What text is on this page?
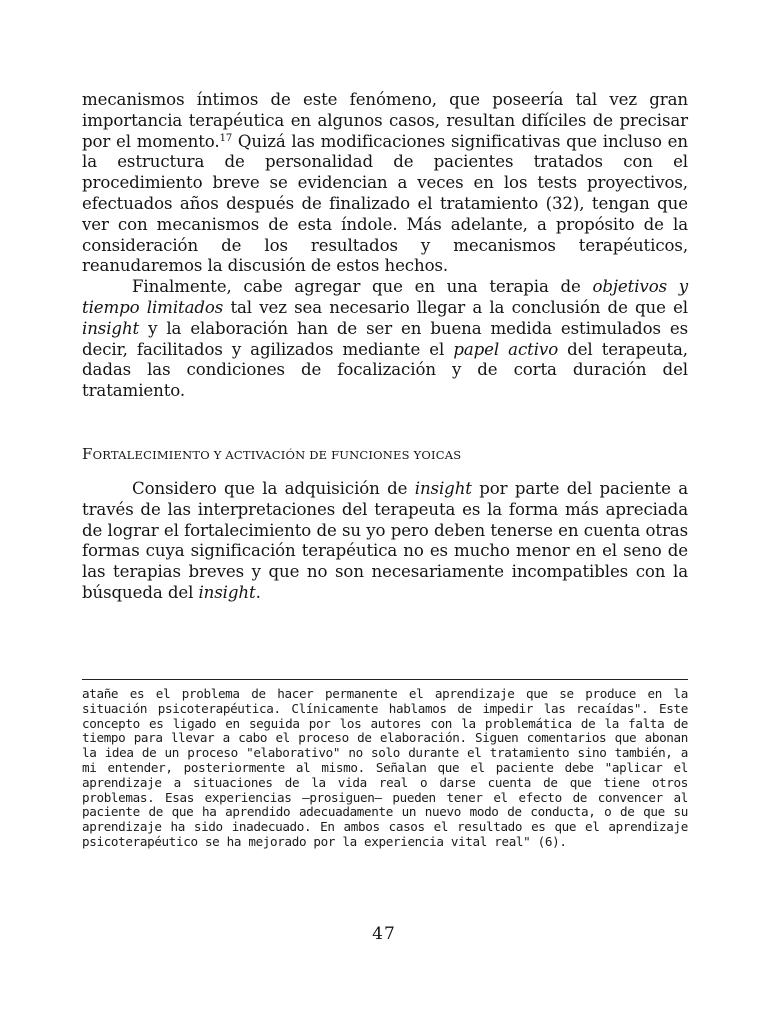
mecanismos íntimos de este fenómeno, que poseería tal vez gran importancia terapéutica en algunos casos, resultan difíciles de precisar por el momento.$^{17}$ Quizá las modificaciones significativas que incluso en la estructura de personalidad de pacientes tratados con el procedimiento breve se evidencian a veces en los tests proyectivos, efectuados años después de finalizado el tratamiento (32), tengan que ver con mecanismos de esta índole. Más adelante, a propósito de la consideración de los resultados y mecanismos terapéuticos, reanudaremos la discusión de estos hechos.

Finalmente, cabe agregar que en una terapia de objetivos y tiempo limitados tal vez sea necesario llegar a la conclusión de que el insight y la elaboración han de ser en buena medida estimulados es decir, facilitados y agilizados mediante el papel activo del terapeuta, dadas las condiciones de focalización y de corta duración del tratamiento.

FORTALECIMIENTO Y ACTIVACIÓN DE FUNCIONES YOICAS

Considero que la adquisición de insight por parte del paciente a través de las interpretaciones del terapeuta es la forma más apreciada de lograr el fortalecimiento de su yo pero deben tenerse en cuenta otras formas cuya significación terapéutica no es mucho menor en el seno de las terapias breves y que no son necesariamente incompatibles con la búsqueda del insight.

atañe es el problema de hacer permanente el aprendizaje que se produce en la situación psicoterapéutica. Clínicamente hablamos de impedir las recaídas". Este concepto es ligado en seguida por los autores con la problemática de la falta de tiempo para llevar a cabo el proceso de elaboración. Siguen comentarios que abonan la idea de un proceso "elaborativo" no solo durante el tratamiento sino también, a mi entender, posteriormente al mismo. Señalan que el paciente debe "aplicar el aprendizaje a situaciones de la vida real o darse cuenta de que tiene otros problemas. Esas experiencias —prosiguen— pueden tener el efecto de convencer al paciente de que ha aprendido adecuadamente un nuevo modo de conducta, o de que su aprendizaje ha sido inadecuado. En ambos casos el resultado es que el aprendizaje psicoterapéutico se ha mejorado por la experiencia vital real" (6).

47
